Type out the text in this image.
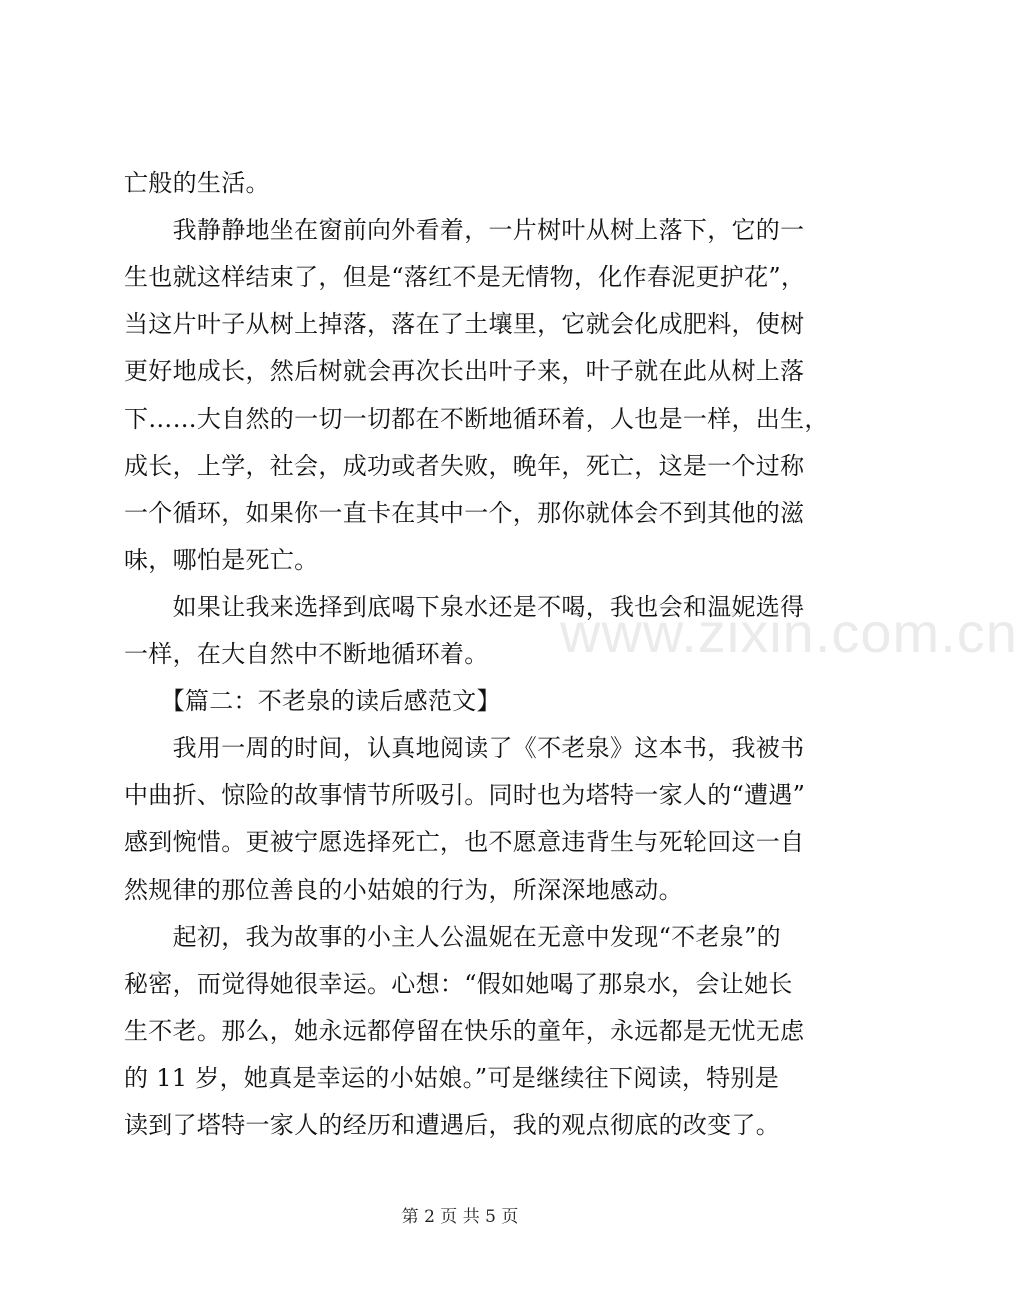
亡般的生活。
　　我静静地坐在窗前向外看着，一片树叶从树上落下，它的一
生也就这样结束了，但是“落红不是无情物，化作春泥更护花”，
当这片叶子从树上掉落，落在了土壤里，它就会化成肥料，使树
更好地成长，然后树就会再次长出叶子来，叶子就在此从树上落
下……大自然的一切一切都在不断地循环着，人也是一样，出生，
成长，上学，社会，成功或者失败，晚年，死亡，这是一个过称
一个循环，如果你一直卡在其中一个，那你就体会不到其他的滋
味，哪怕是死亡。
　　如果让我来选择到底喝下泉水还是不喝，我也会和温妮选得
一样，在大自然中不断地循环着。
　　【篇二：不老泉的读后感范文】
　　我用一周的时间，认真地阅读了《不老泉》这本书，我被书
中曲折、惊险的故事情节所吸引。同时也为塔特一家人的“遭遇”
感到惋惜。更被宁愿选择死亡，也不愿意违背生与死轮回这一自
然规律的那位善良的小姑娘的行为，所深深地感动。
　　起初，我为故事的小主人公温妮在无意中发现“不老泉”的
秘密，而觉得她很幸运。心想：“假如她喝了那泉水，会让她长
生不老。那么，她永远都停留在快乐的童年，永远都是无忧无虑
的 11 岁，她真是幸运的小姑娘。”可是继续往下阅读，特别是
读到了塔特一家人的经历和遭遇后，我的观点彻底的改变了。
www.zixin.com.cn
第 2 页 共 5 页
